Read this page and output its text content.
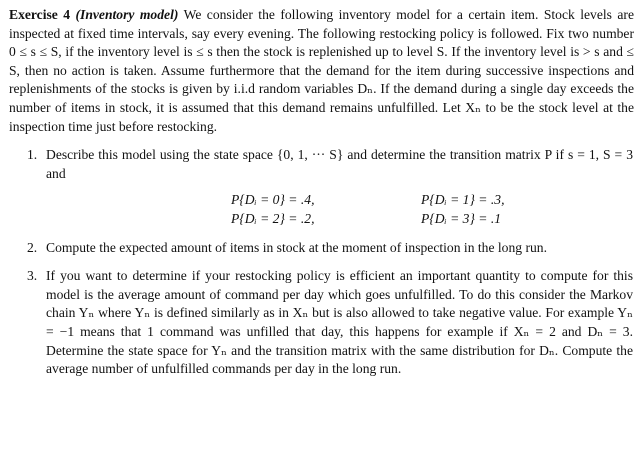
Exercise 4 (Inventory model) We consider the following inventory model for a certain item. Stock levels are inspected at fixed time intervals, say every evening. The following restocking policy is followed. Fix two number 0 ≤ s ≤ S, if the inventory level is ≤ s then the stock is replenished up to level S. If the inventory level is > s and ≤ S, then no action is taken. Assume furthermore that the demand for the item during successive inspections and replenishments of the stocks is given by i.i.d random variables Dₙ. If the demand during a single day exceeds the number of items in stock, it is assumed that this demand remains unfulfilled. Let Xₙ to be the stock level at the inspection time just before restocking.

1. Describe this model using the state space {0, 1, ··· S} and determine the transition matrix P if s = 1, S = 3 and
P{Dᵢ = 0} = .4,	P{Dᵢ = 1} = .3,
P{Dᵢ = 2} = .2,	P{Dᵢ = 3} = .1
2. Compute the expected amount of items in stock at the moment of inspection in the long run.
3. If you want to determine if your restocking policy is efficient an important quantity to compute for this model is the average amount of command per day which goes unfulfilled. To do this consider the Markov chain Yₙ where Yₙ is defined similarly as in Xₙ but is also allowed to take negative value. For example Yₙ = −1 means that 1 command was unfilled that day, this happens for example if Xₙ = 2 and Dₙ = 3. Determine the state space for Yₙ and the transition matrix with the same distribution for Dₙ. Compute the average number of unfulfilled commands per day in the long run.
